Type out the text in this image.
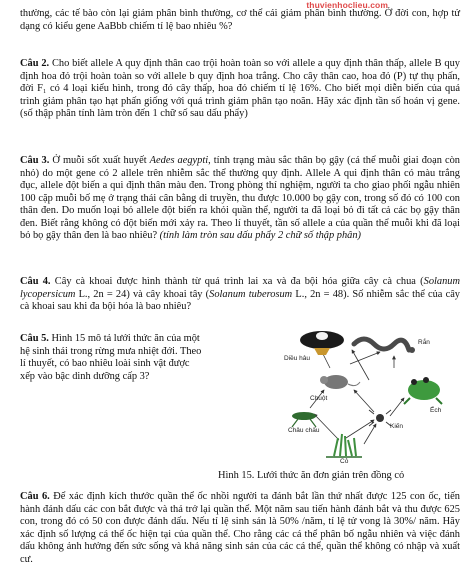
thuvienhoclieu.com
thường, các tế bào còn lại giảm phân bình thường, cơ thể cái giảm phân bình thường. Ở đời con, hợp tử dạng có kiểu gene AaBbb chiếm tỉ lệ bao nhiêu %?
Câu 2. Cho biết allele A quy định thân cao trội hoàn toàn so với allele a quy định thân thấp, allele B quy định hoa đỏ trội hoàn toàn so với allele b quy định hoa trắng. Cho cây thân cao, hoa đỏ (P) tự thụ phấn, đời F₁ có 4 loại kiểu hình, trong đó cây thấp, hoa đỏ chiếm tỉ lệ 16%. Cho biết mọi diễn biến của quá trình giảm phân tạo hạt phấn giống với quá trình giảm phân tạo noãn. Hãy xác định tần số hoán vị gene. (số thập phân tính làm tròn đến 1 chữ số sau dấu phẩy)
Câu 3. Ở muỗi sốt xuất huyết Aedes aegypti, tính trạng màu sắc thân bọ gậy (cá thể muỗi giai đoạn còn nhỏ) do một gene có 2 allele trên nhiễm sắc thể thường quy định. Allele A qui định thân có màu trắng đục, allele đột biến a qui định thân màu đen. Trong phòng thí nghiệm, người ta cho giao phối ngẫu nhiên 100 cặp muỗi bố mẹ ở trạng thái cân bằng di truyền, thu được 10.000 bọ gậy con, trong số đó có 100 con thân đen. Do muốn loại bỏ allele đột biến ra khỏi quần thể, người ta đã loại bỏ đi tất cả các bọ gậy thân đen. Biết rằng không có đột biến mới xảy ra. Theo lí thuyết, tần số allele a của quần thể muỗi khi đã loại bỏ bọ gậy thân đen là bao nhiêu? (tính làm tròn sau dấu phẩy 2 chữ số thập phân)
Câu 4. Cây cà khoai được hình thành từ quá trình lai xa và đa bội hóa giữa cây cà chua (Solanum lycopersicum L., 2n = 24) và cây khoai tây (Solanum tuberosum L., 2n = 48). Số nhiễm sắc thể của cây cà khoai sau khi đa bội hóa là bao nhiêu?
Câu 5. Hình 15 mô tả lưới thức ăn của một hệ sinh thái trong rừng mưa nhiệt đới. Theo lí thuyết, có bao nhiêu loài sinh vật được xếp vào bậc dinh dưỡng cấp 3?
Diều hâu
Rắn
Chuột
Ếch
Châu chấu
Kiến
Cỏ
Hình 15. Lưới thức ăn đơn giản trên đồng cỏ
Câu 6. Để xác định kích thước quần thể ốc nhồi người ta đánh bắt lần thứ nhất được 125 con ốc, tiến hành đánh dấu các con bắt được và thả trở lại quần thể. Một năm sau tiến hành đánh bắt và thu được 625 con, trong đó có 50 con được đánh dấu. Nếu tỉ lệ sinh sản là 50% /năm, tỉ lệ tử vong là 30%/ năm. Hãy xác định số lượng cá thể ốc hiện tại của quần thể. Cho rằng các cá thể phân bố ngẫu nhiên và việc đánh dấu không ảnh hưởng đến sức sống và khả năng sinh sản của các cá thể, quần thể không có nhập và xuất cư.
